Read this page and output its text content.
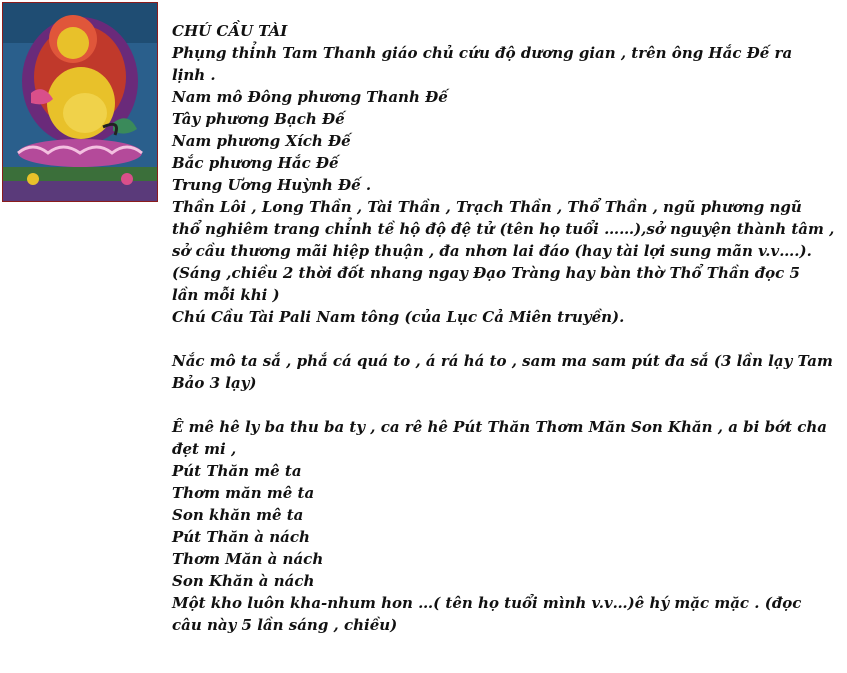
CHÚ CẦU TÀI
Phụng thỉnh Tam Thanh giáo chủ cứu độ dương gian , trên ông Hắc Đế ra
lịnh .
Nam mô Đông phương Thanh Đế
Tây phương Bạch Đế
Nam phương Xích Đế
Bắc phương Hắc Đế
Trung Ương Huỳnh Đế .
Thần Lôi , Long Thần , Tài Thần , Trạch Thần , Thổ Thần , ngũ phương ngũ
thổ nghiêm trang chỉnh tề hộ độ đệ tử (tên họ tuổi ……),sở nguyện thành tâm ,
sở cầu thương mãi hiệp thuận , đa nhơn lai đáo (hay tài lợi sung mãn v.v….).
(Sáng ,chiều 2 thời đốt nhang ngay Đạo Tràng hay bàn thờ Thổ Thần đọc 5
lần mỗi khi )
Chú Cầu Tài Pali Nam tông (của Lục Cả Miên truyền).
Nắc mô ta sắ , phắ cá quá to , á rá há to , sam ma sam pút đa sắ (3 lần lạy Tam
Bảo 3 lạy)
Ê mê hê ly ba thu ba ty , ca rê hê Pút Thăn Thơm Măn Son Khăn , a bi bớt cha
đẹt mi ,
Pút Thăn mê ta
Thơm măn mê ta
Son khăn mê ta
Pút Thăn à nách
Thơm Măn à nách
Son Khăn à nách
Một kho luôn kha-nhum hon …( tên họ tuổi mình v.v…)ê hý mặc mặc . (đọc
câu này 5 lần sáng , chiều)
